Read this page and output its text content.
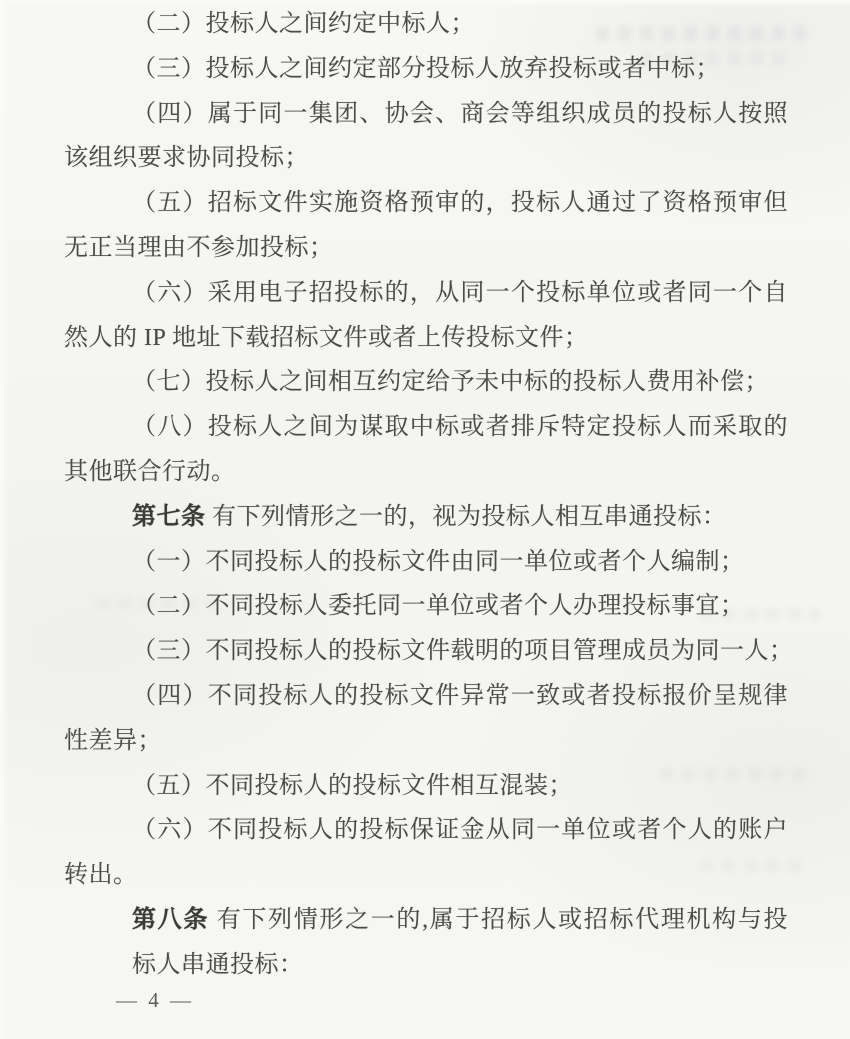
（二）投标人之间约定中标人；
（三）投标人之间约定部分投标人放弃投标或者中标；
（四）属于同一集团、协会、商会等组织成员的投标人按照
该组织要求协同投标；
（五）招标文件实施资格预审的，投标人通过了资格预审但
无正当理由不参加投标；
（六）采用电子招投标的，从同一个投标单位或者同一个自
然人的 IP 地址下载招标文件或者上传投标文件；
（七）投标人之间相互约定给予未中标的投标人费用补偿；
（八）投标人之间为谋取中标或者排斥特定投标人而采取的
其他联合行动。
第七条 有下列情形之一的，视为投标人相互串通投标：
（一）不同投标人的投标文件由同一单位或者个人编制；
（二）不同投标人委托同一单位或者个人办理投标事宜；
（三）不同投标人的投标文件载明的项目管理成员为同一人；
（四）不同投标人的投标文件异常一致或者投标报价呈规律
性差异；
（五）不同投标人的投标文件相互混装；
（六）不同投标人的投标保证金从同一单位或者个人的账户
转出。
第八条 有下列情形之一的,属于招标人或招标代理机构与投
标人串通投标：
— 4 —
